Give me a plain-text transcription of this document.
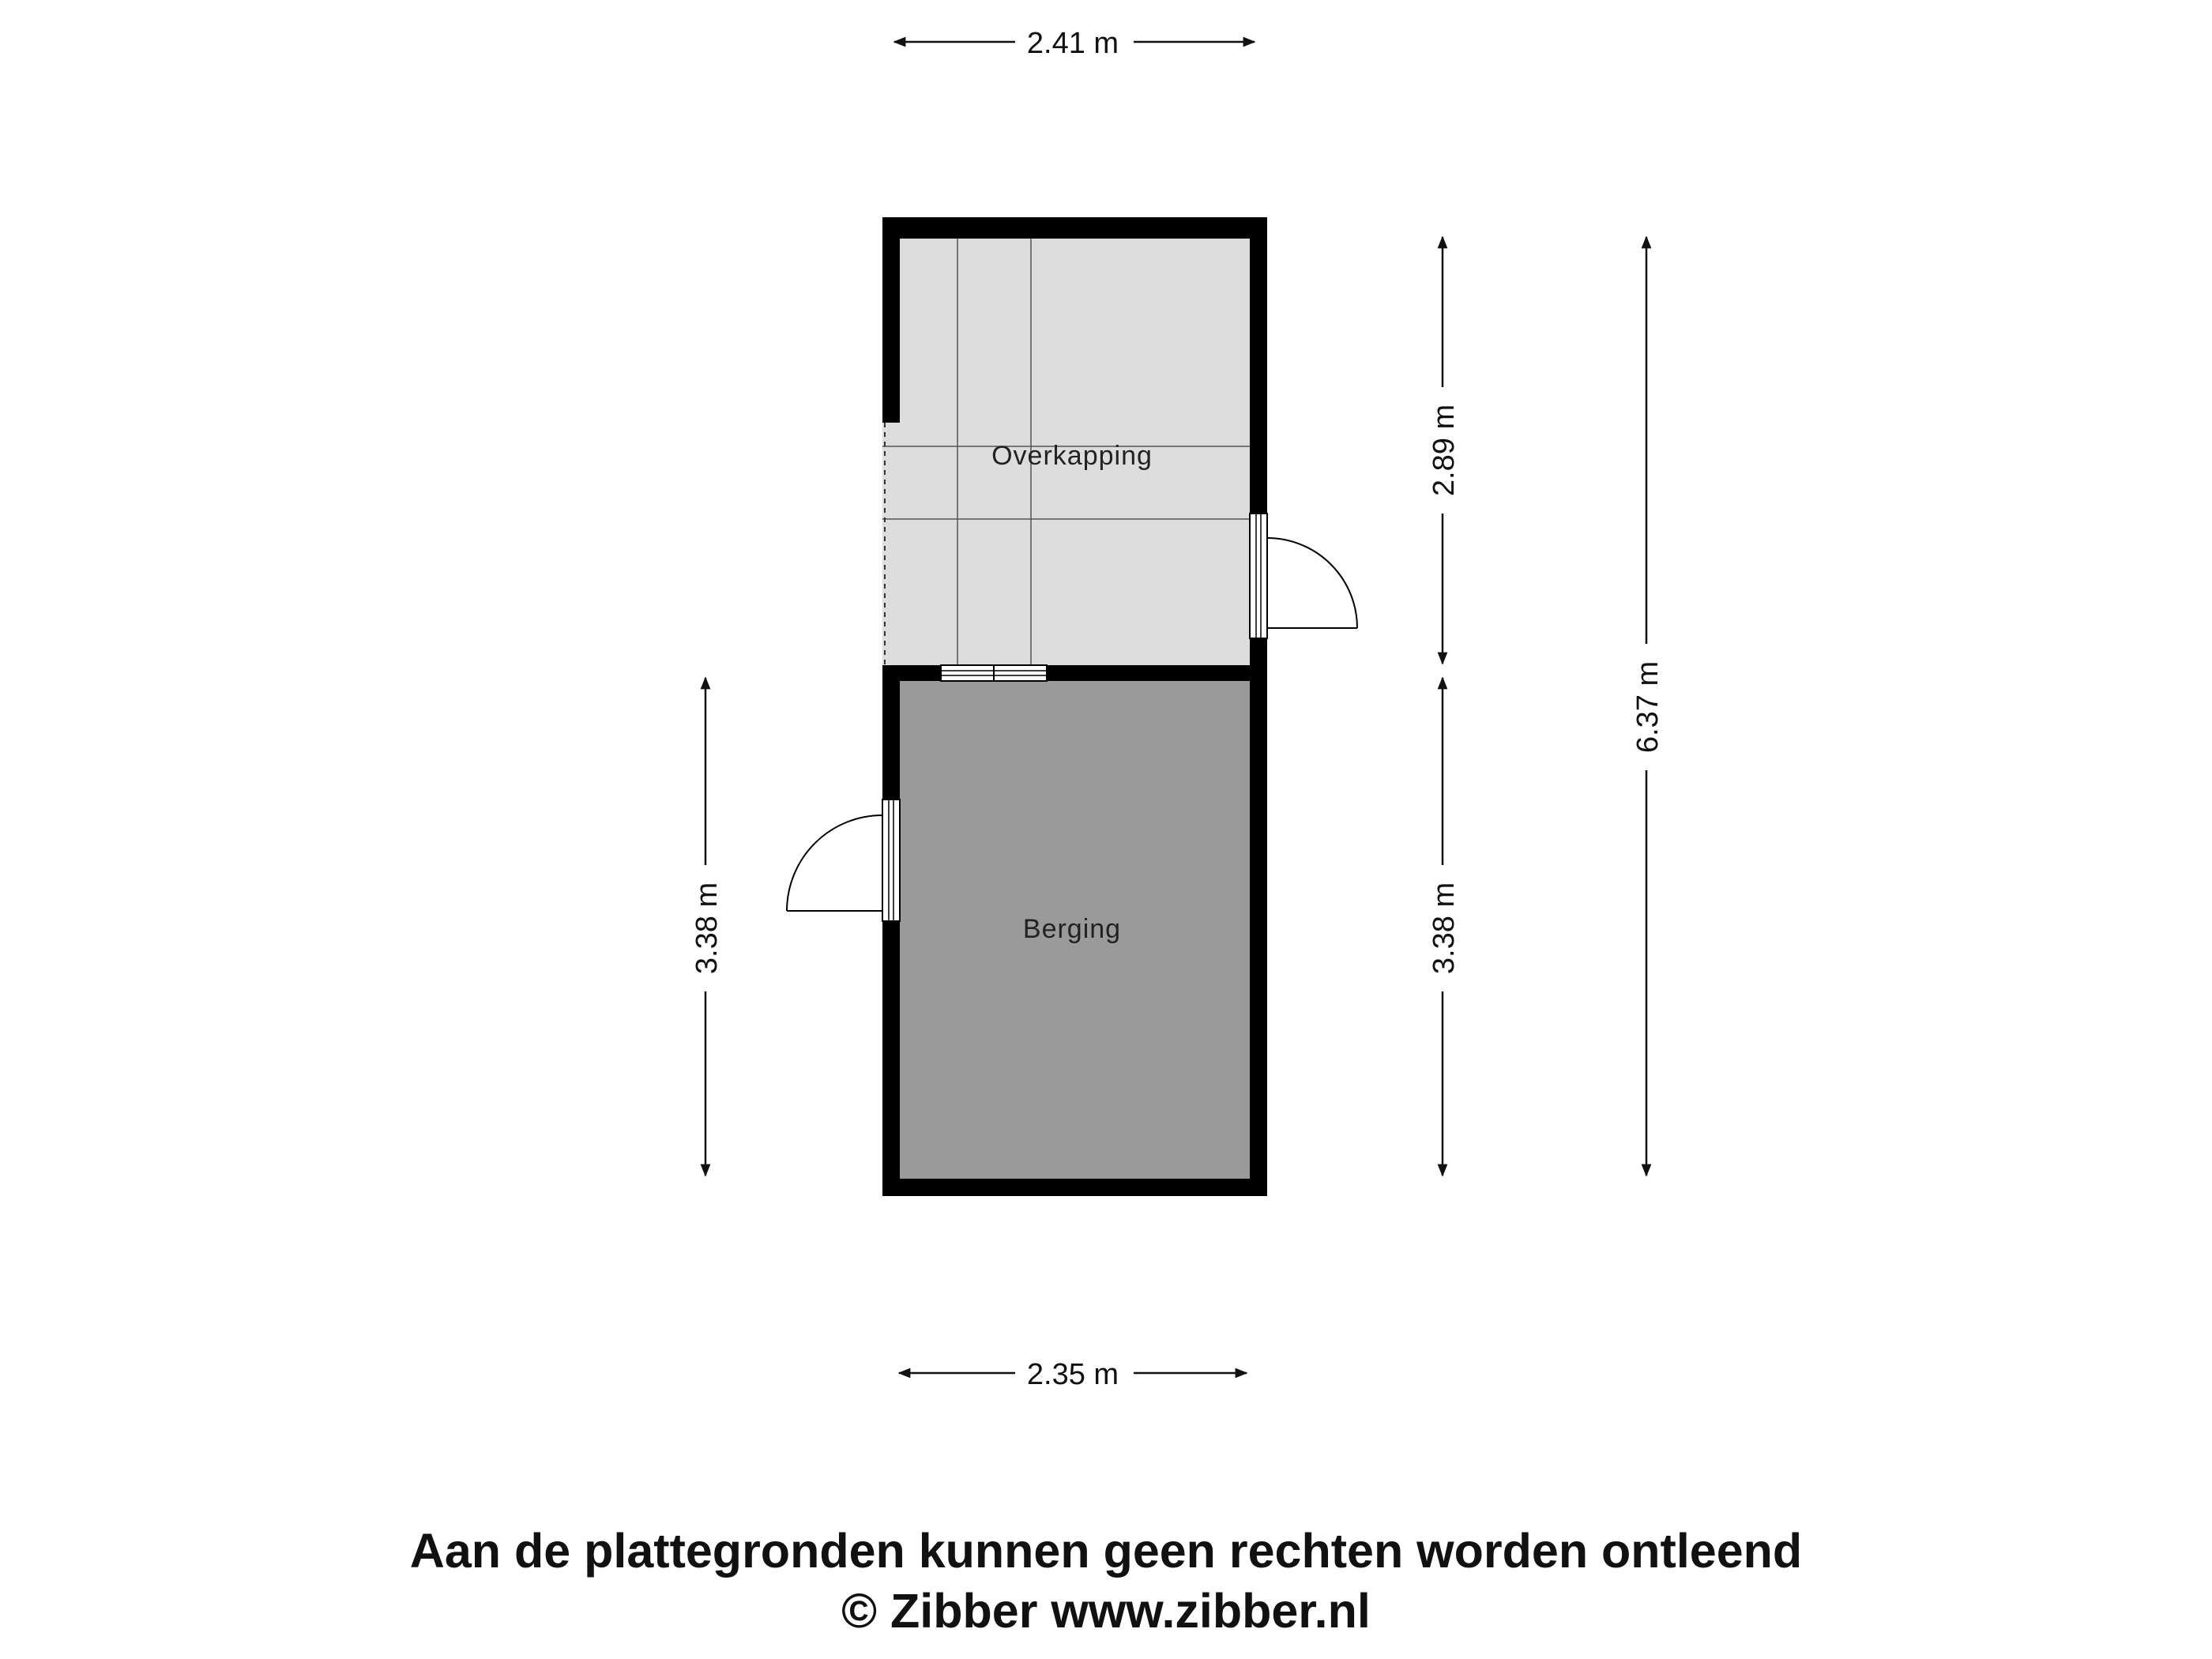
Overkapping
Berging
2.41 m
2.35 m
3.38 m
2.89 m
3.38 m
6.37 m
Aan de plattegronden kunnen geen rechten worden ontleend
© Zibber www.zibber.nl
